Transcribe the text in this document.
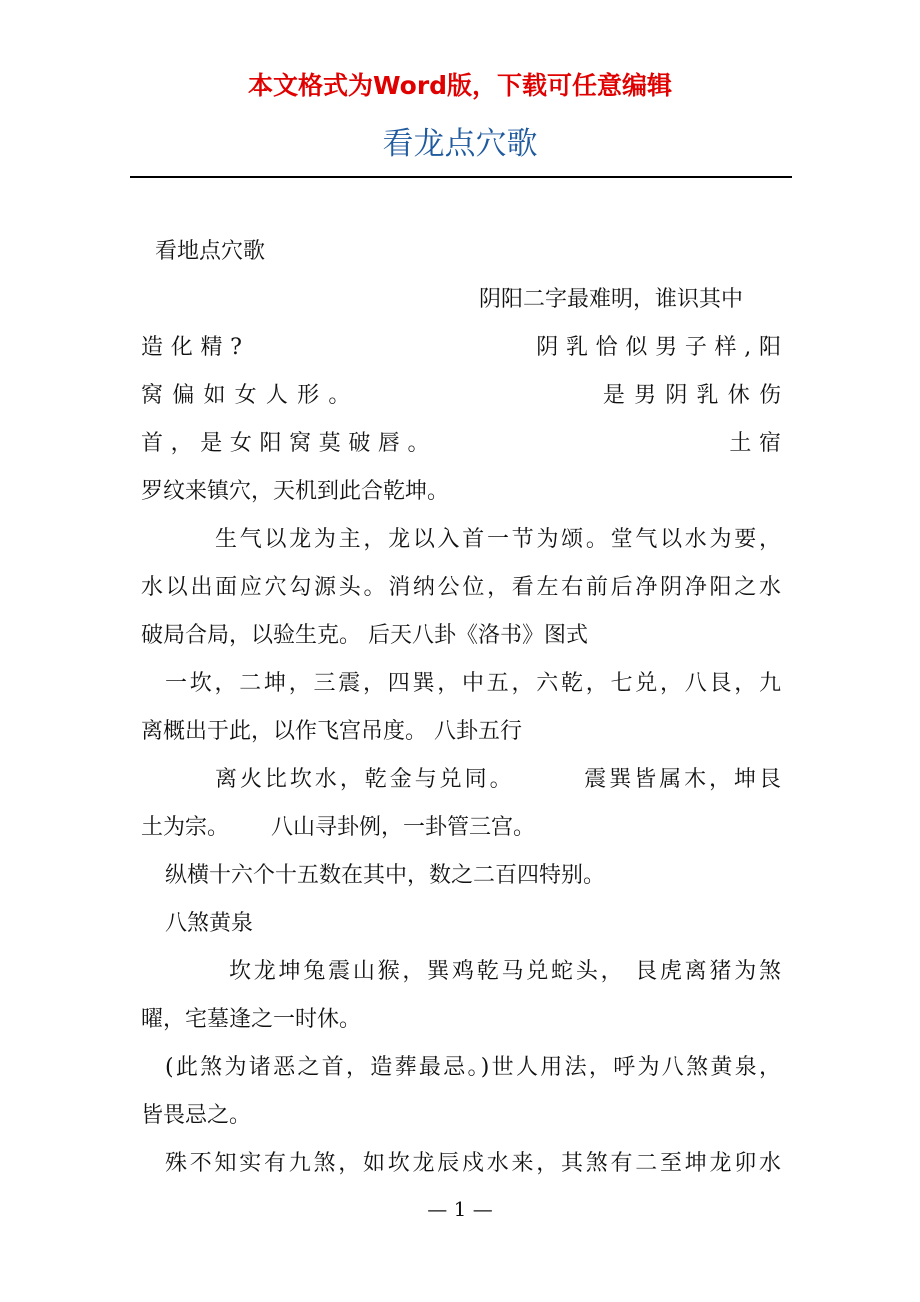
本文格式为Word版，下载可任意编辑
看龙点穴歌
看地点穴歌
阴阳二字最难明，谁识其中
造化精?                    阴乳恰似男子样,阳
窝偏如女人形。               是男阴乳休伤
首，是女阳窝莫破唇。                    土宿
罗纹来镇穴，天机到此合乾坤。
生气以龙为主，龙以入首一节为颂。堂气以水为要，
水以出面应穴勾源头。消纳公位，看左右前后净阴净阳之水
破局合局，以验生克。 后天八卦《洛书》图式
一坎，二坤，三震，四巽，中五，六乾，七兑，八艮，九
离概出于此，以作飞宫吊度。 八卦五行
离火比坎水，乾金与兑同。       震巽皆属木，坤艮
土为宗。      八山寻卦例，一卦管三宫。
纵横十六个十五数在其中，数之二百四特别。
八煞黄泉
坎龙坤兔震山猴，巽鸡乾马兑蛇头， 艮虎离猪为煞
曜，宅墓逢之一时休。
(此煞为诸恶之首，造葬最忌。)世人用法，呼为八煞黄泉，
皆畏忌之。
殊不知实有九煞，如坎龙辰戍水来，其煞有二至坤龙卯水
— 1 —
